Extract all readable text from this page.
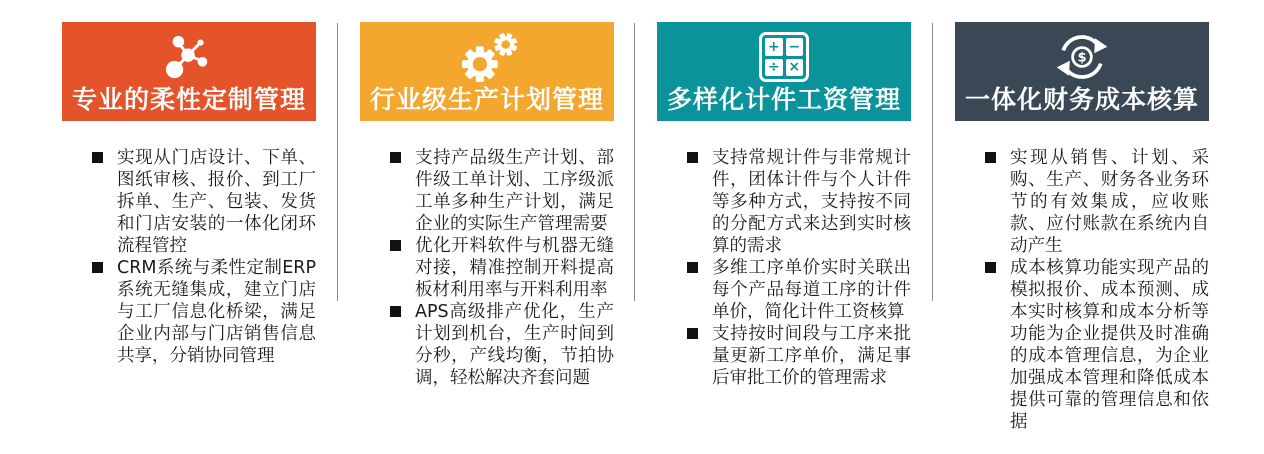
专业的柔性定制管理
实现从门店设计、下单、图纸审核、报价、到工厂拆单、生产、包装、发货和门店安装的一体化闭环流程管控
CRM系统与柔性定制ERP系统无缝集成，建立门店与工厂信息化桥梁，满足企业内部与门店销售信息共享，分销协同管理
行业级生产计划管理
支持产品级生产计划、部件级工单计划、工序级派工单多种生产计划，满足企业的实际生产管理需要
优化开料软件与机器无缝对接，精准控制开料提高板材利用率与开料利用率
APS高级排产优化，生产计划到机台，生产时间到分秒，产线均衡，节拍协调，轻松解决齐套问题
+ −
÷ ×
多样化计件工资管理
支持常规计件与非常规计件，团体计件与个人计件等多种方式，支持按不同的分配方式来达到实时核算的需求
多维工序单价实时关联出每个产品每道工序的计件单价，简化计件工资核算
支持按时间段与工序来批量更新工序单价，满足事后审批工价的管理需求
$
一体化财务成本核算
实现从销售、计划、采购、生产、财务各业务环节的有效集成，应收账款、应付账款在系统内自动产生
成本核算功能实现产品的模拟报价、成本预测、成本实时核算和成本分析等功能为企业提供及时准确的成本管理信息，为企业加强成本管理和降低成本提供可靠的管理信息和依据
